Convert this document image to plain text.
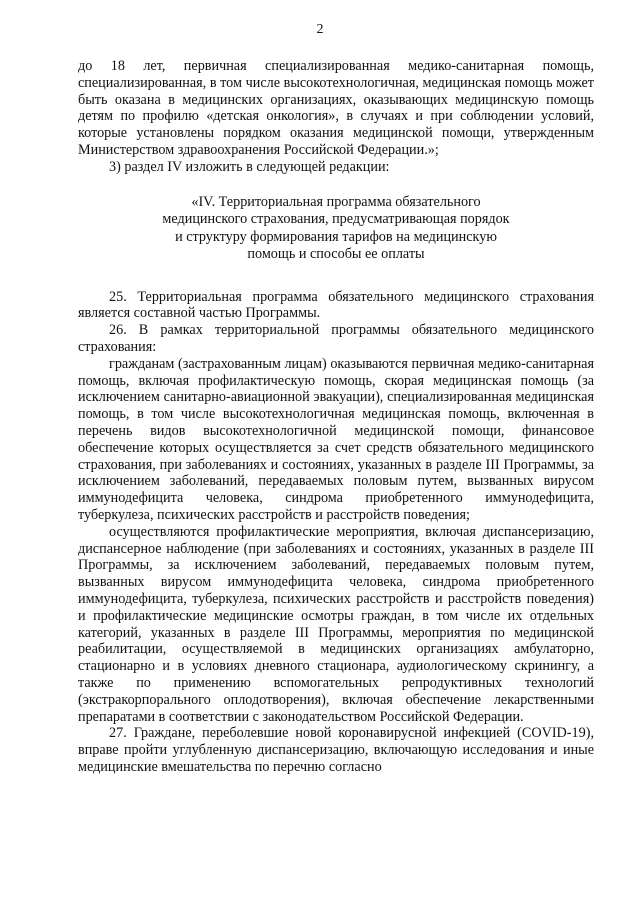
2

до 18 лет, первичная специализированная медико-санитарная помощь, специализированная, в том числе высокотехнологичная, медицинская помощь может быть оказана в медицинских организациях, оказывающих медицинскую помощь детям по профилю «детская онкология», в случаях и при соблюдении условий, которые установлены порядком оказания медицинской помощи, утвержденным Министерством здравоохранения Российской Федерации.»;

3) раздел IV изложить в следующей редакции:

«IV. Территориальная программа обязательного
медицинского страхования, предусматривающая порядок
и структуру формирования тарифов на медицинскую
помощь и способы ее оплаты

25. Территориальная программа обязательного медицинского страхования является составной частью Программы.

26. В рамках территориальной программы обязательного медицинского страхования:

гражданам (застрахованным лицам) оказываются первичная медико-санитарная помощь, включая профилактическую помощь, скорая медицинская помощь (за исключением санитарно-авиационной эвакуации), специализированная медицинская помощь, в том числе высокотехнологичная медицинская помощь, включенная в перечень видов высокотехнологичной медицинской помощи, финансовое обеспечение которых осуществляется за счет средств обязательного медицинского страхования, при заболеваниях и состояниях, указанных в разделе III Программы, за исключением заболеваний, передаваемых половым путем, вызванных вирусом иммунодефицита человека, синдрома приобретенного иммунодефицита, туберкулеза, психических расстройств и расстройств поведения;

осуществляются профилактические мероприятия, включая диспансеризацию, диспансерное наблюдение (при заболеваниях и состояниях, указанных в разделе III Программы, за исключением заболеваний, передаваемых половым путем, вызванных вирусом иммунодефицита человека, синдрома приобретенного иммунодефицита, туберкулеза, психических расстройств и расстройств поведения) и профилактические медицинские осмотры граждан, в том числе их отдельных категорий, указанных в разделе III Программы, мероприятия по медицинской реабилитации, осуществляемой в медицинских организациях амбулаторно, стационарно и в условиях дневного стационара, аудиологическому скринингу, а также по применению вспомогательных репродуктивных технологий (экстракорпорального оплодотворения), включая обеспечение лекарственными препаратами в соответствии с законодательством Российской Федерации.

27. Граждане, переболевшие новой коронавирусной инфекцией (COVID-19), вправе пройти углубленную диспансеризацию, включающую исследования и иные медицинские вмешательства по перечню согласно
